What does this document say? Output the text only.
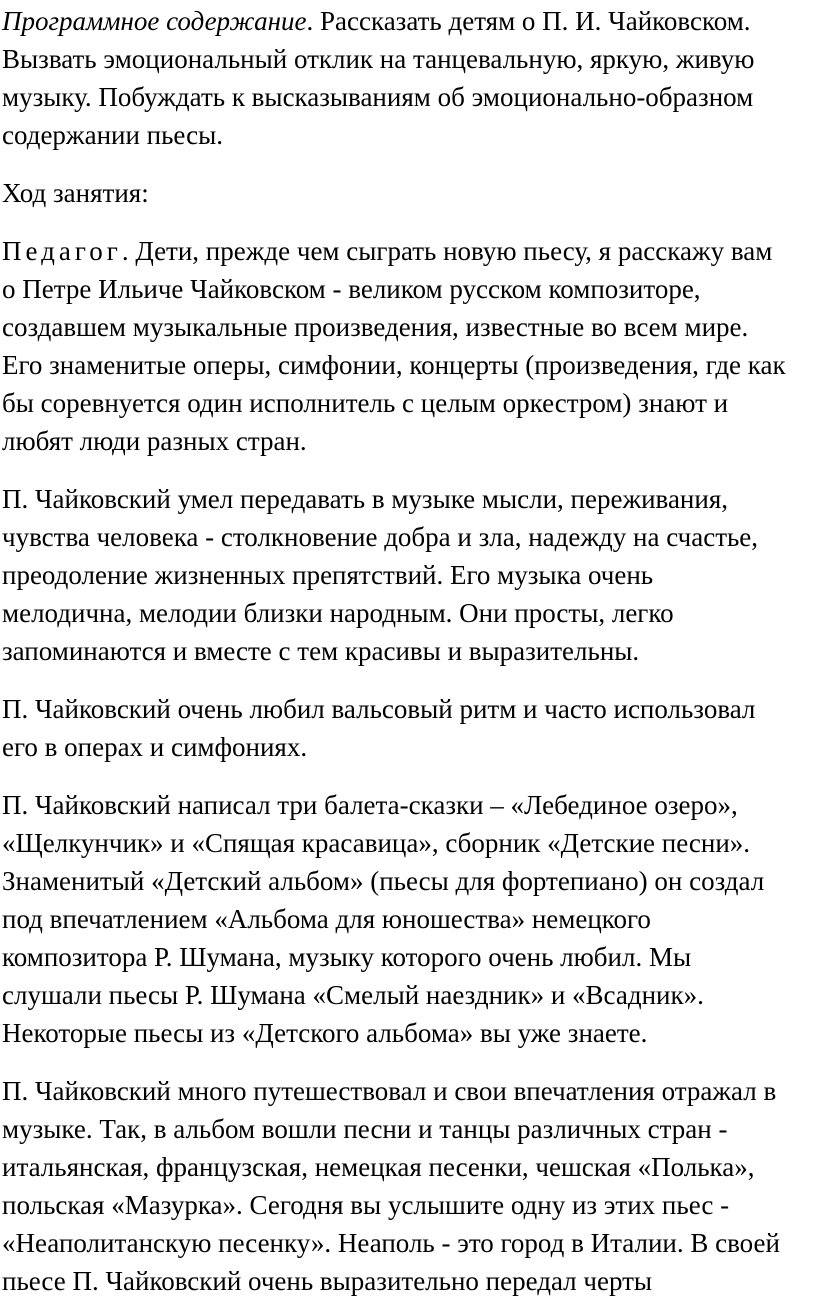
Программное содержание. Рассказать детям о П. И. Чайковском.
Вызвать эмоциональный отклик на танцевальную, яркую, живую
музыку. Побуждать к высказываниям об эмоционально-образном
содержании пьесы.

Ход занятия:

Педагог. Дети, прежде чем сыграть новую пьесу, я расскажу вам
о Петре Ильиче Чайковском - великом русском композиторе,
создавшем музыкальные произведения, известные во всем мире.
Его знаменитые оперы, симфонии, концерты (произведения, где как
бы соревнуется один исполнитель с целым оркестром) знают и
любят люди разных стран.

П. Чайковский умел передавать в музыке мысли, переживания,
чувства человека - столкновение добра и зла, надежду на счастье,
преодоление жизненных препятствий. Его музыка очень
мелодична, мелодии близки народным. Они просты, легко
запоминаются и вместе с тем красивы и выразительны.

П. Чайковский очень любил вальсовый ритм и часто использовал
его в операх и симфониях.

П. Чайковский написал три балета-сказки – «Лебединое озеро»,
«Щелкунчик» и «Спящая красавица», сборник «Детские песни».
Знаменитый «Детский альбом» (пьесы для фортепиано) он создал
под впечатлением «Альбома для юношества» немецкого
композитора Р. Шумана, музыку которого очень любил. Мы
слушали пьесы Р. Шумана «Смелый наездник» и «Всадник».
Некоторые пьесы из «Детского альбома» вы уже знаете.

П. Чайковский много путешествовал и свои впечатления отражал в
музыке. Так, в альбом вошли песни и танцы различных стран -
итальянская, французская, немецкая песенки, чешская «Полька»,
польская «Мазурка». Сегодня вы услышите одну из этих пьес -
«Неаполитанскую песенку». Неаполь - это город в Италии. В своей
пьесе П. Чайковский очень выразительно передал черты
